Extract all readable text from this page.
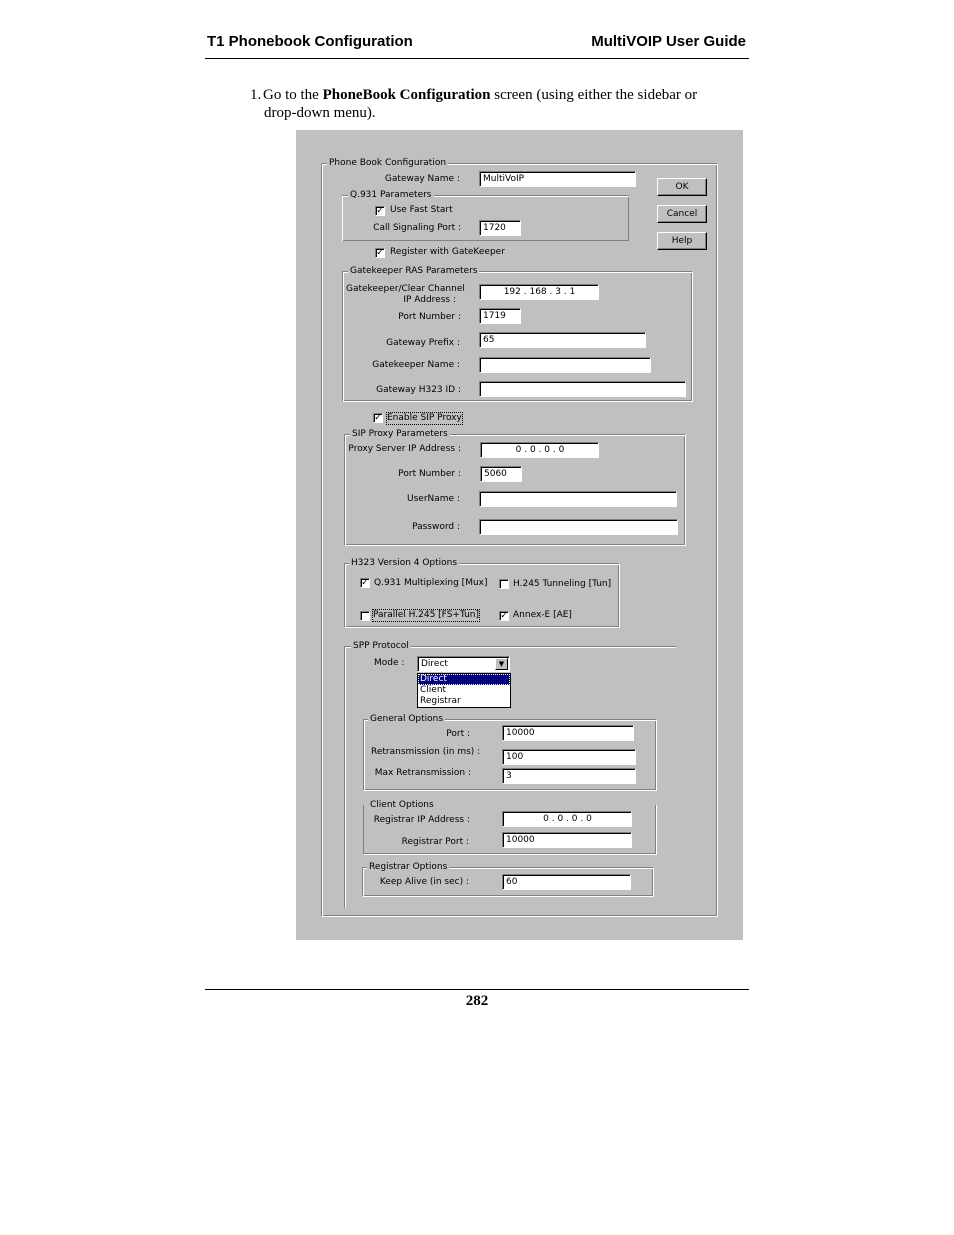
T1 Phonebook Configuration	MultiVOIP User Guide
1. Go to the PhoneBook Configuration screen (using either the sidebar or
drop-down menu).
Phone Book Configuration
Gateway Name :	MultiVoIP
OK
Cancel
Help
Q.931 Parameters
✓ Use Fast Start
Call Signaling Port :	1720
✓ Register with GateKeeper
Gatekeeper RAS Parameters
Gatekeeper/Clear Channel
IP Address :
192 . 168 . 3 . 1
Port Number :	1719
Gateway Prefix :	65
Gatekeeper Name :
Gateway H323 ID :
✓ Enable SIP Proxy
SIP Proxy Parameters
Proxy Server IP Address :	0 . 0 . 0 . 0
Port Number :	5060
UserName :
Password :
H323 Version 4 Options
✓ Q.931 Multiplexing [Mux]	H.245 Tunneling [Tun]
Parallel H.245 [FS+Tun] ✓ Annex-E [AE]
SPP Protocol
Mode :	Direct	▼
Direct
Client
Registrar
General Options
Port :	10000
Retransmission (in ms) :	100
Max Retransmission :	3
Client Options
Registrar IP Address :	0 . 0 . 0 . 0
Registrar Port :	10000
Registrar Options
Keep Alive (in sec) :	60
282
